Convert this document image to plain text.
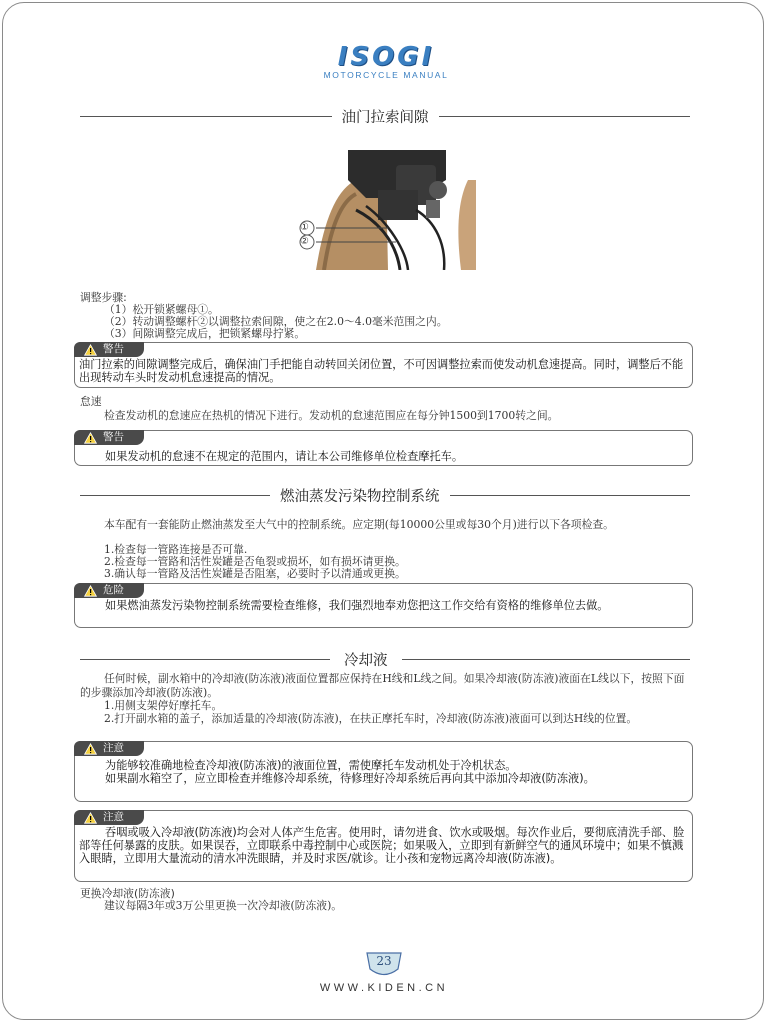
ISOGI
MOTORCYCLE MANUAL
油门拉索间隙
①
②
调整步骤:
（1）松开锁紧螺母①。
（2）转动调整螺杆②以调整拉索间隙，使之在2.0～4.0毫米范围之内。
（3）间隙调整完成后，把锁紧螺母拧紧。
警告
油门拉索的间隙调整完成后，确保油门手把能自动转回关闭位置，不可因调整拉索而使发动机怠速提高。同时，调整后不能出现转动车头时发动机怠速提高的情况。
怠速
检查发动机的怠速应在热机的情况下进行。发动机的怠速范围应在每分钟1500到1700转之间。
警告
如果发动机的怠速不在规定的范围内，请让本公司维修单位检查摩托车。
燃油蒸发污染物控制系统
本车配有一套能防止燃油蒸发至大气中的控制系统。应定期(每10000公里或每30个月)进行以下各项检查。
1.检查每一管路连接是否可靠.
2.检查每一管路和活性炭罐是否龟裂或损坏，如有损坏请更换。
3.确认每一管路及活性炭罐是否阻塞，必要时予以清通或更换。
危险
如果燃油蒸发污染物控制系统需要检查维修，我们强烈地奉劝您把这工作交给有资格的维修单位去做。
冷却液
任何时候，副水箱中的冷却液(防冻液)液面位置都应保持在H线和L线之间。如果冷却液(防冻液)液面在L线以下，按照下面的步骤添加冷却液(防冻液)。
1.用侧支架停好摩托车。
2.打开副水箱的盖子，添加适量的冷却液(防冻液)，在扶正摩托车时，冷却液(防冻液)液面可以到达H线的位置。
注意
为能够较准确地检查冷却液(防冻液)的液面位置，需使摩托车发动机处于冷机状态。
如果副水箱空了，应立即检查并维修冷却系统，待修理好冷却系统后再向其中添加冷却液(防冻液)。
注意
吞咽或吸入冷却液(防冻液)均会对人体产生危害。使用时，请勿进食、饮水或吸烟。每次作业后，要彻底清洗手部、脸部等任何暴露的皮肤。如果误吞，立即联系中毒控制中心或医院；如果吸入，立即到有新鲜空气的通风环境中；如果不慎溅入眼睛，立即用大量流动的清水冲洗眼睛，并及时求医/就诊。让小孩和宠物远离冷却液(防冻液)。
更换冷却液(防冻液)
建议每隔3年或3万公里更换一次冷却液(防冻液)。
23
WWW.KIDEN.CN
